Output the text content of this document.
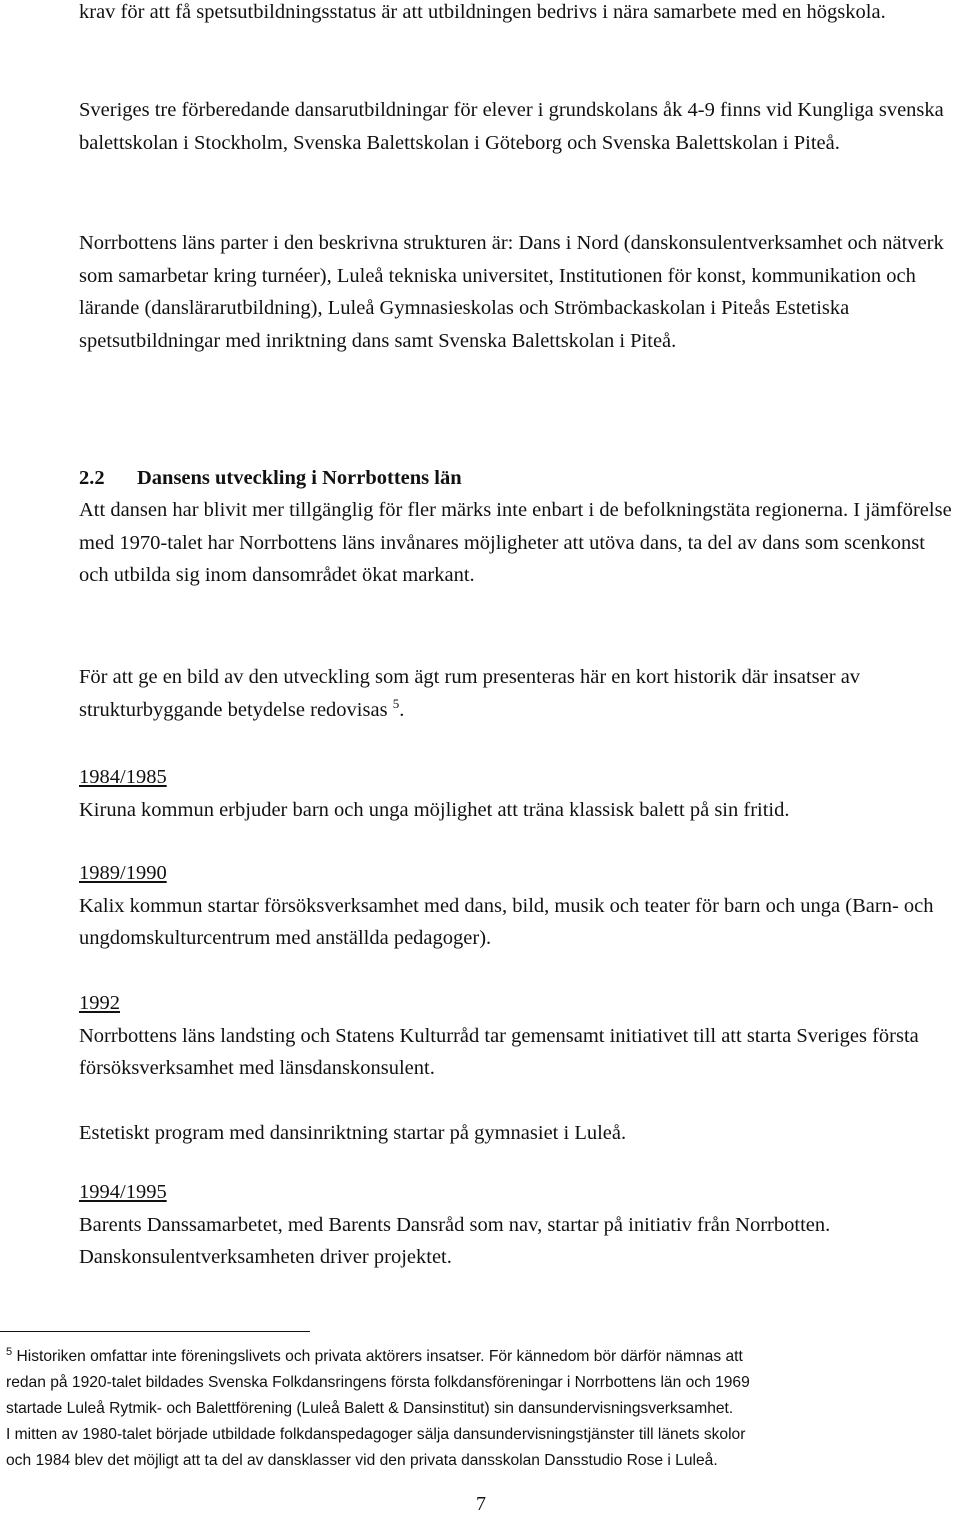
krav för att få spetsutbildningsstatus är att utbildningen bedrivs i nära samarbete med en högskola.

Sveriges tre förberedande dansarutbildningar för elever i grundskolans åk 4-9 finns vid Kungliga svenska balettskolan i Stockholm, Svenska Balettskolan i Göteborg och Svenska Balettskolan i Piteå.

Norrbottens läns parter i den beskrivna strukturen är: Dans i Nord (danskonsulentverksamhet och nätverk som samarbetar kring turnéer), Luleå tekniska universitet, Institutionen för konst, kommunikation och lärande (danslärarutbildning), Luleå Gymnasieskolas och Strömbackaskolan i Piteås Estetiska spetsutbildningar med inriktning dans samt Svenska Balettskolan i Piteå.

2.2 Dansens utveckling i Norrbottens län

Att dansen har blivit mer tillgänglig för fler märks inte enbart i de befolkningstäta regionerna. I jämförelse med 1970-talet har Norrbottens läns invånares möjligheter att utöva dans, ta del av dans som scenkonst och utbilda sig inom dansområdet ökat markant.

För att ge en bild av den utveckling som ägt rum presenteras här en kort historik där insatser av strukturbyggande betydelse redovisas $^5$.

1984/1985
Kiruna kommun erbjuder barn och unga möjlighet att träna klassisk balett på sin fritid.

1989/1990
Kalix kommun startar försöksverksamhet med dans, bild, musik och teater för barn och unga (Barn- och ungdomskulturcentrum med anställda pedagoger).

1992
Norrbottens läns landsting och Statens Kulturråd tar gemensamt initiativet till att starta Sveriges första försöksverksamhet med länsdanskonsulent.

Estetiskt program med dansinriktning startar på gymnasiet i Luleå.

1994/1995
Barents Danssamarbetet, med Barents Dansråd som nav, startar på initiativ från Norrbotten. Danskonsulentverksamheten driver projektet.

$^5$ Historiken omfattar inte föreningslivets och privata aktörers insatser. För kännedom bör därför nämnas att
redan på 1920-talet bildades Svenska Folkdansringens första folkdansföreningar i Norrbottens län och 1969
startade Luleå Rytmik- och Balettförening (Luleå Balett & Dansinstitut) sin dansundervisningsverksamhet.
I mitten av 1980-talet började utbildade folkdanspedagoger sälja dansundervisningstjänster till länets skolor
och 1984 blev det möjligt att ta del av dansklasser vid den privata dansskolan Dansstudio Rose i Luleå.

7
